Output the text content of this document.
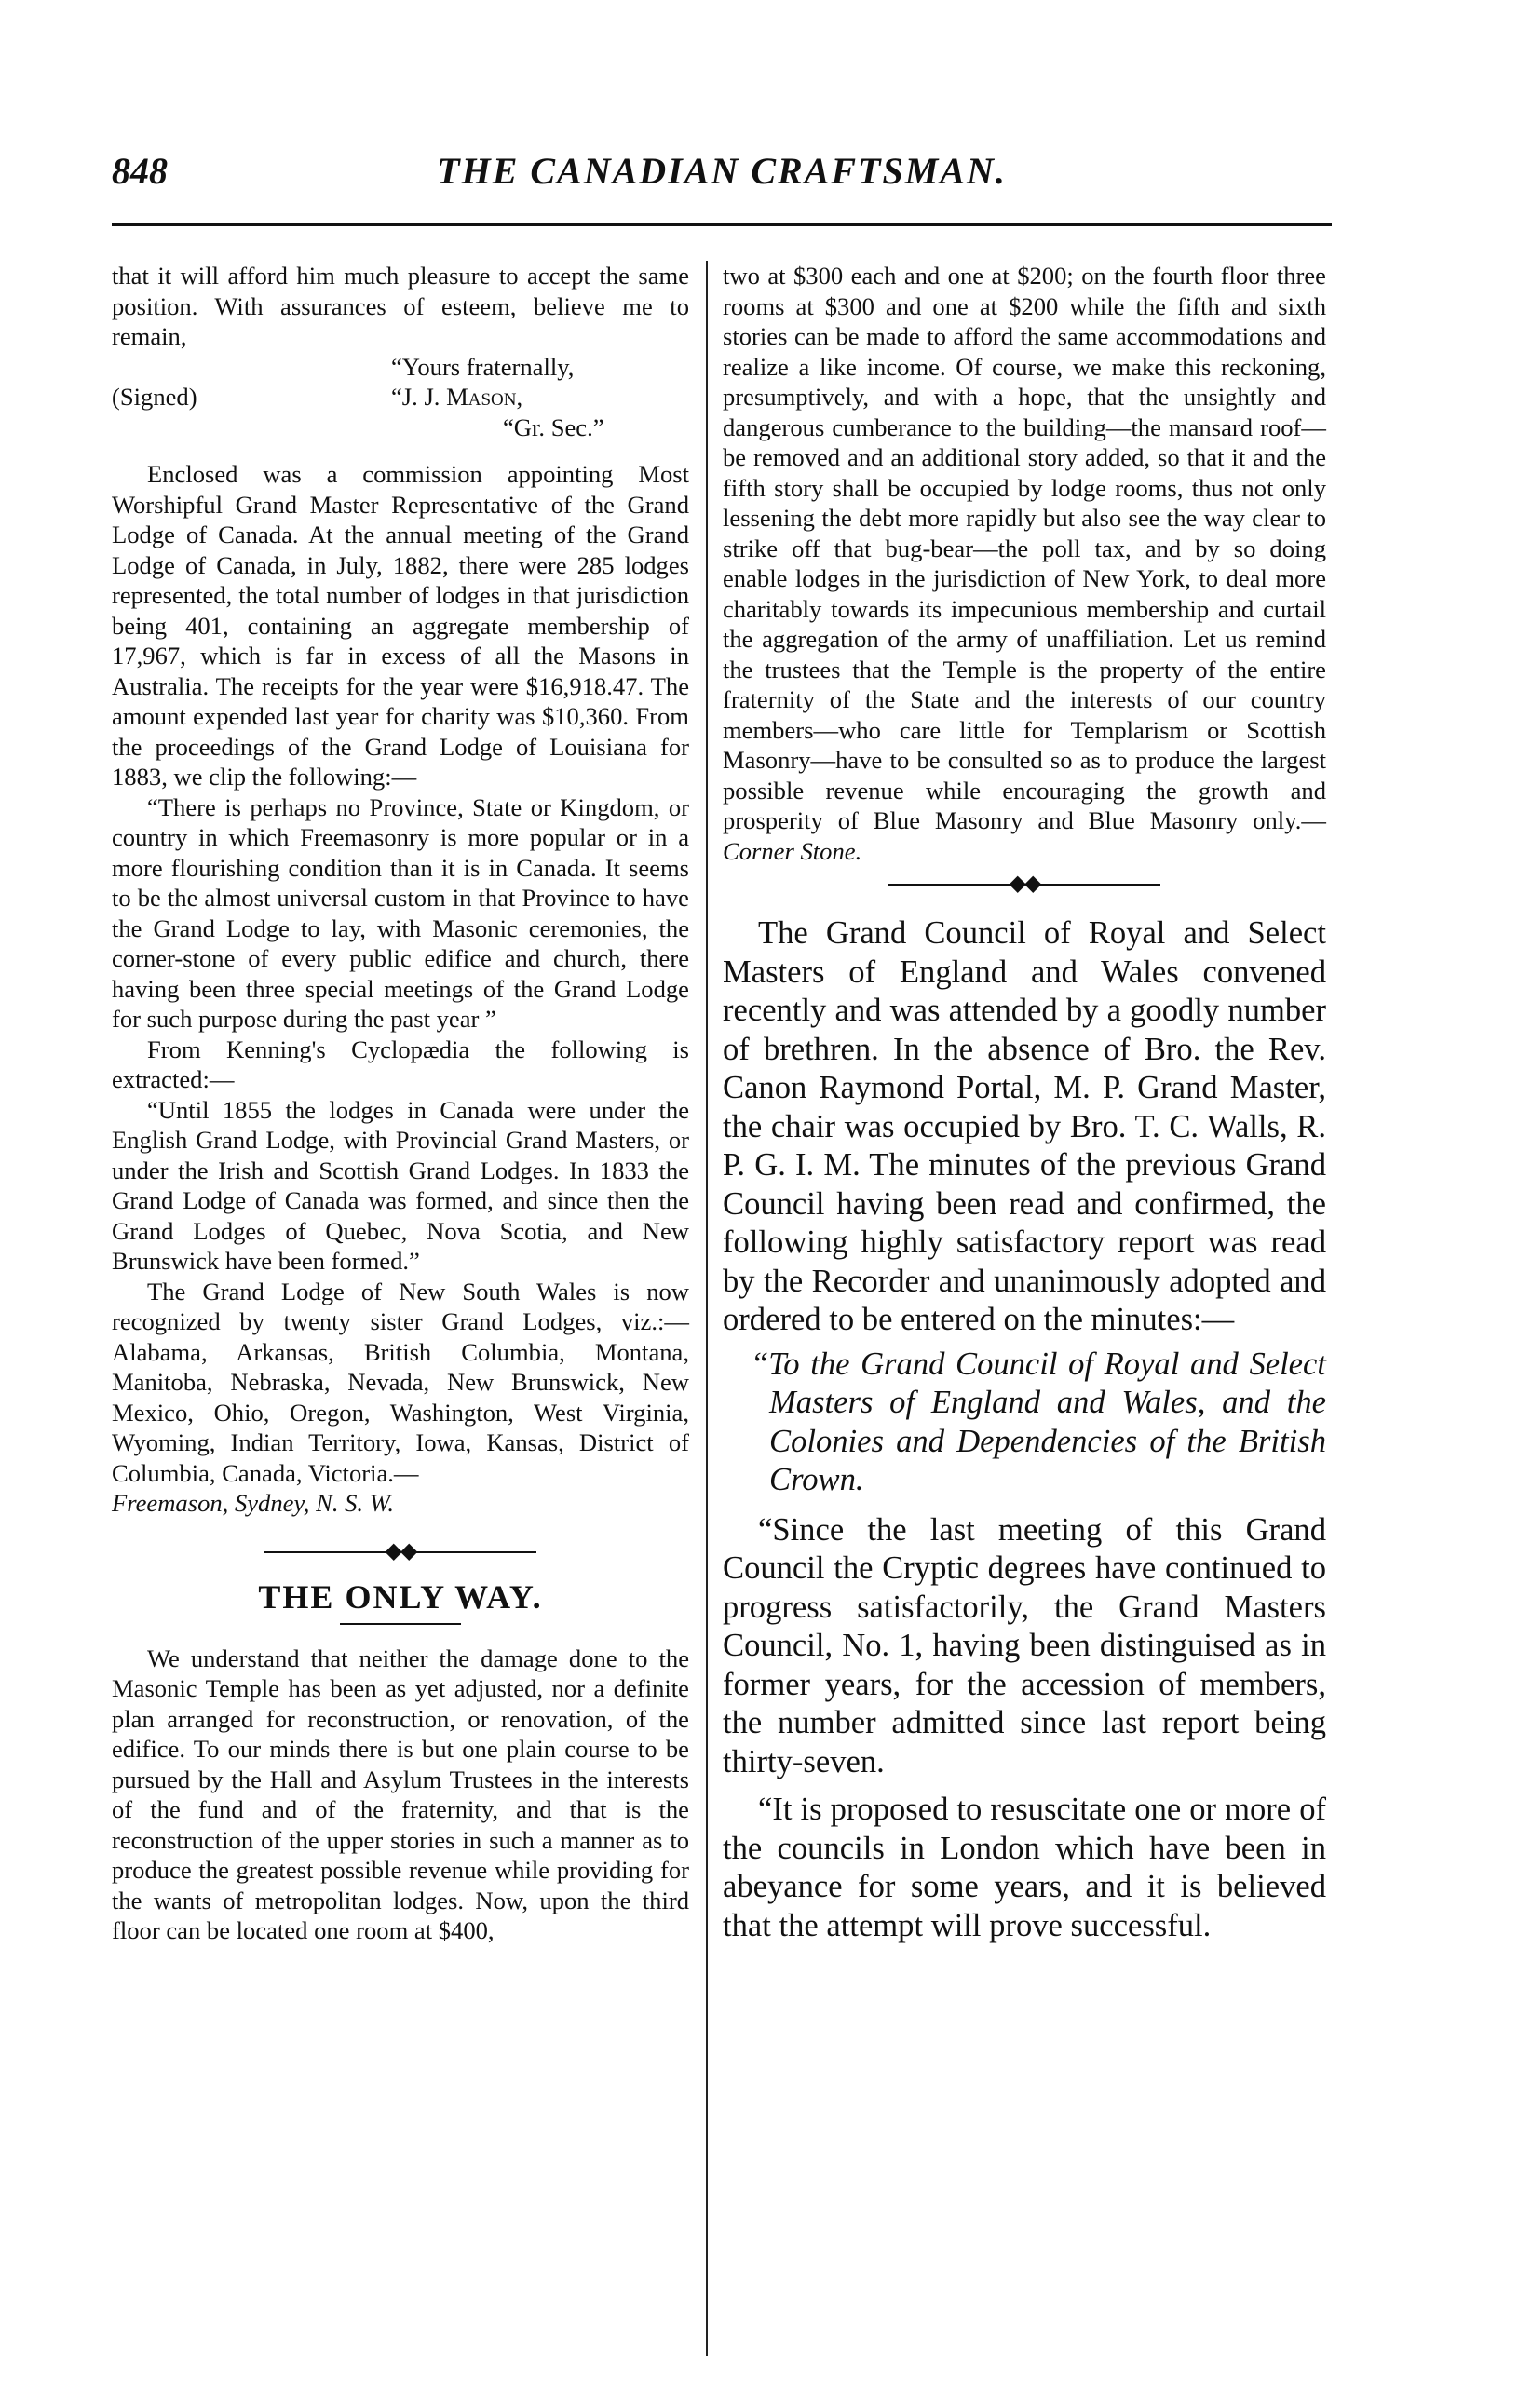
848	THE CANADIAN CRAFTSMAN.

that it will afford him much pleasure to accept the same position. With assurances of esteem, believe me to remain,

“Yours fraternally,
(Signed)	“J. J. Mason,
“Gr. Sec.”

Enclosed was a commission appointing Most Worshipful Grand Master Representative of the Grand Lodge of Canada. At the annual meeting of the Grand Lodge of Canada, in July, 1882, there were 285 lodges represented, the total number of lodges in that jurisdiction being 401, containing an aggregate membership of 17,967, which is far in excess of all the Masons in Australia. The receipts for the year were $16,918.47. The amount expended last year for charity was $10,360. From the proceedings of the Grand Lodge of Louisiana for 1883, we clip the following:—

“There is perhaps no Province, State or Kingdom, or country in which Freemasonry is more popular or in a more flourishing condition than it is in Canada. It seems to be the almost universal custom in that Province to have the Grand Lodge to lay, with Masonic ceremonies, the corner-stone of every public edifice and church, there having been three special meetings of the Grand Lodge for such purpose during the past year ”

From Kenning's Cyclopædia the following is extracted:—

“Until 1855 the lodges in Canada were under the English Grand Lodge, with Provincial Grand Masters, or under the Irish and Scottish Grand Lodges. In 1833 the Grand Lodge of Canada was formed, and since then the Grand Lodges of Quebec, Nova Scotia, and New Brunswick have been formed.”

The Grand Lodge of New South Wales is now recognized by twenty sister Grand Lodges, viz.:—Alabama, Arkansas, British Columbia, Montana, Manitoba, Nebraska, Nevada, New Brunswick, New Mexico, Ohio, Oregon, Washington, West Virginia, Wyoming, Indian Territory, Iowa, Kansas, District of Columbia, Canada, Victoria.—
Freemason, Sydney, N. S. W.

◆◆
THE ONLY WAY.

We understand that neither the damage done to the Masonic Temple has been as yet adjusted, nor a definite plan arranged for reconstruction, or renovation, of the edifice. To our minds there is but one plain course to be pursued by the Hall and Asylum Trustees in the interests of the fund and of the fraternity, and that is the reconstruction of the upper stories in such a manner as to produce the greatest possible revenue while providing for the wants of metropolitan lodges. Now, upon the third floor can be located one room at $400,

two at $300 each and one at $200; on the fourth floor three rooms at $300 and one at $200 while the fifth and sixth stories can be made to afford the same accommodations and realize a like income. Of course, we make this reckoning, presumptively, and with a hope, that the unsightly and dangerous cumberance to the building—the mansard roof—be removed and an additional story added, so that it and the fifth story shall be occupied by lodge rooms, thus not only lessening the debt more rapidly but also see the way clear to strike off that bug-bear—the poll tax, and by so doing enable lodges in the jurisdiction of New York, to deal more charitably towards its impecunious membership and curtail the aggregation of the army of unaffiliation. Let us remind the trustees that the Temple is the property of the entire fraternity of the State and the interests of our country members—who care little for Templarism or Scottish Masonry—have to be consulted so as to produce the largest possible revenue while encouraging the growth and prosperity of Blue Masonry and Blue Masonry only.—Corner Stone.

◆◆

The Grand Council of Royal and Select Masters of England and Wales convened recently and was attended by a goodly number of brethren. In the absence of Bro. the Rev. Canon Raymond Portal, M. P. Grand Master, the chair was occupied by Bro. T. C. Walls, R. P. G. I. M. The minutes of the previous Grand Council having been read and confirmed, the following highly satisfactory report was read by the Recorder and unanimously adopted and ordered to be entered on the minutes:—

“To the Grand Council of Royal and Select Masters of England and Wales, and the Colonies and Dependencies of the British Crown.

“Since the last meeting of this Grand Council the Cryptic degrees have continued to progress satisfactorily, the Grand Masters Council, No. 1, having been distinguised as in former years, for the accession of members, the number admitted since last report being thirty-seven.

“It is proposed to resuscitate one or more of the councils in London which have been in abeyance for some years, and it is believed that the attempt will prove successful.
